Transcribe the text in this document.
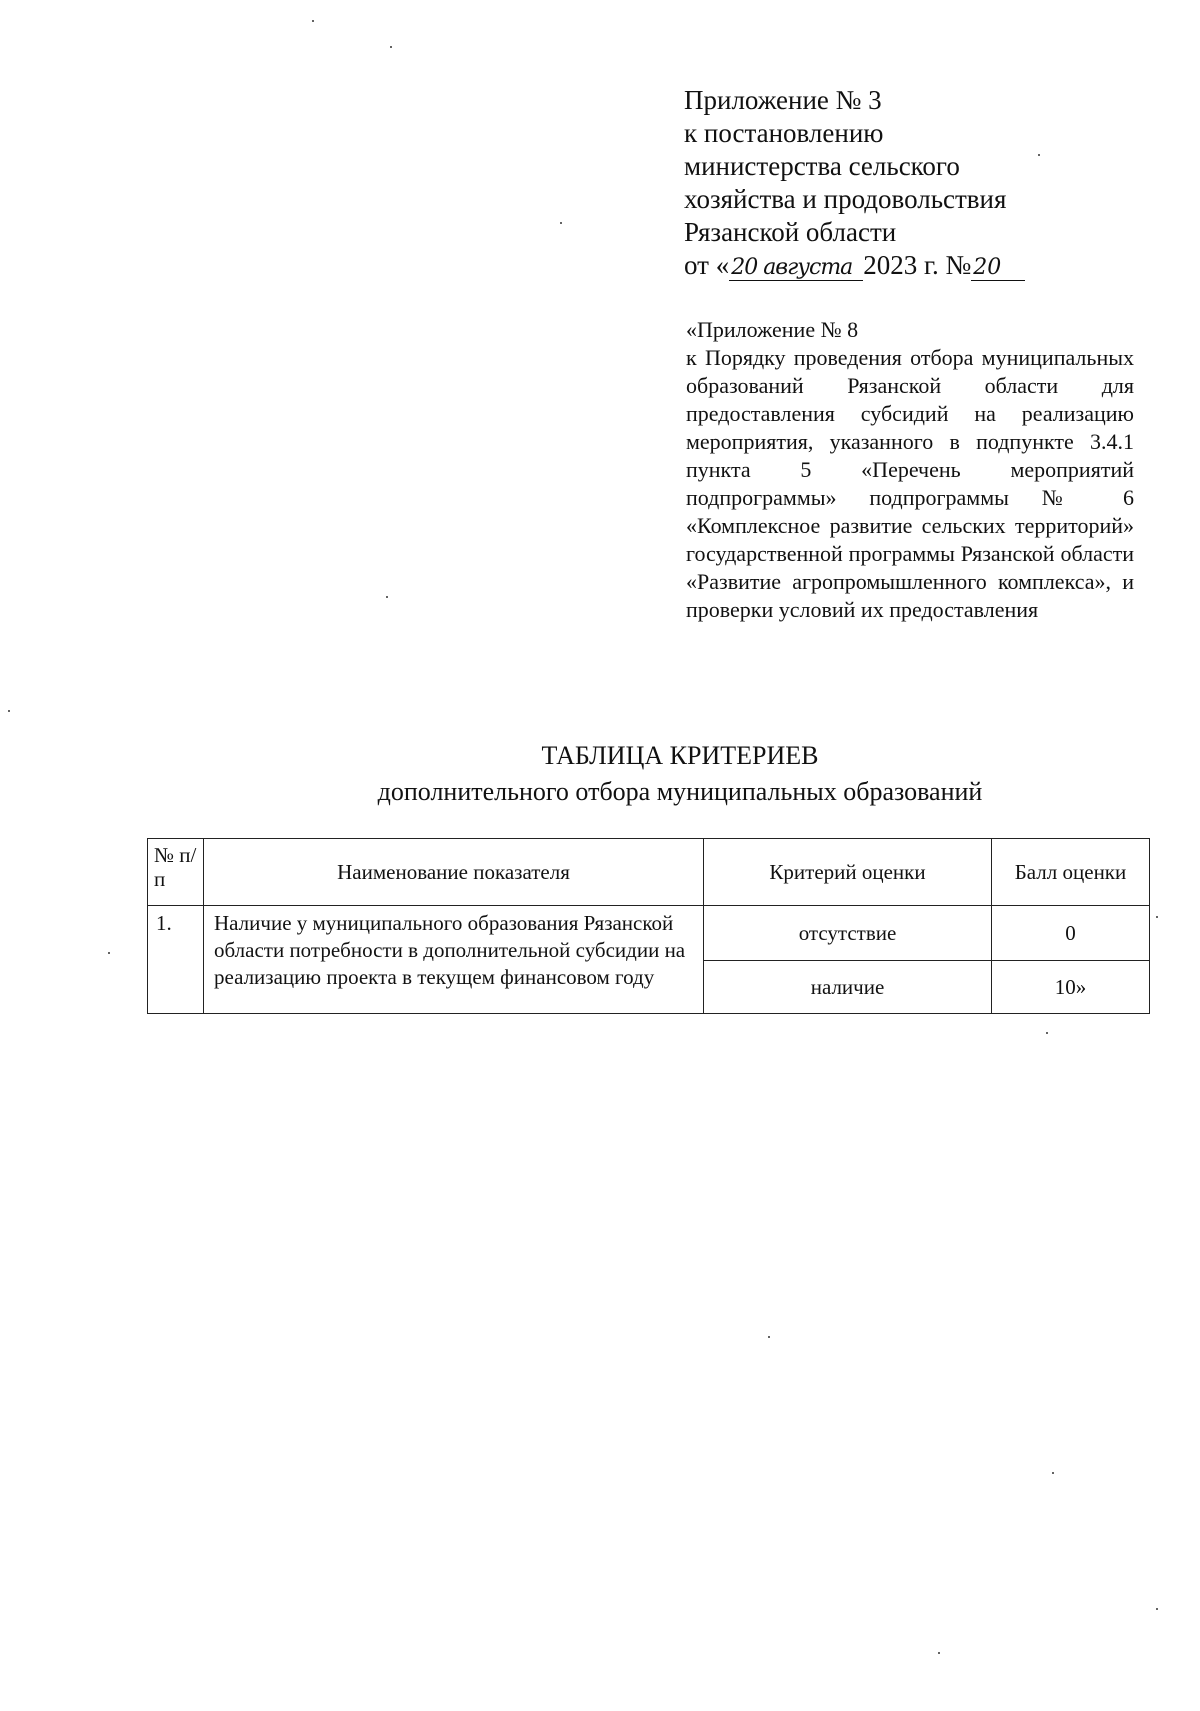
Приложение № 3
к постановлению
министерства сельского
хозяйства и продовольствия
Рязанской области
от «20 августа 2023 г. №20
«Приложение № 8
к Порядку проведения отбора муниципальных образований Рязанской области для предоставления субсидий на реализацию мероприятия, указанного в подпункте 3.4.1 пункта 5 «Перечень мероприятий подпрограммы» подпрограммы № 6 «Комплексное развитие сельских территорий» государственной программы Рязанской области «Развитие агропромышленного комплекса», и проверки условий их предоставления
ТАБЛИЦА КРИТЕРИЕВ
дополнительного отбора муниципальных образований
№ п/п	Наименование показателя	Критерий оценки	Балл оценки
1.	Наличие у муниципального образования Рязанской области потребности в дополнительной субсидии на реализацию проекта в текущем финансовом году	отсутствие	0
		наличие	10»
